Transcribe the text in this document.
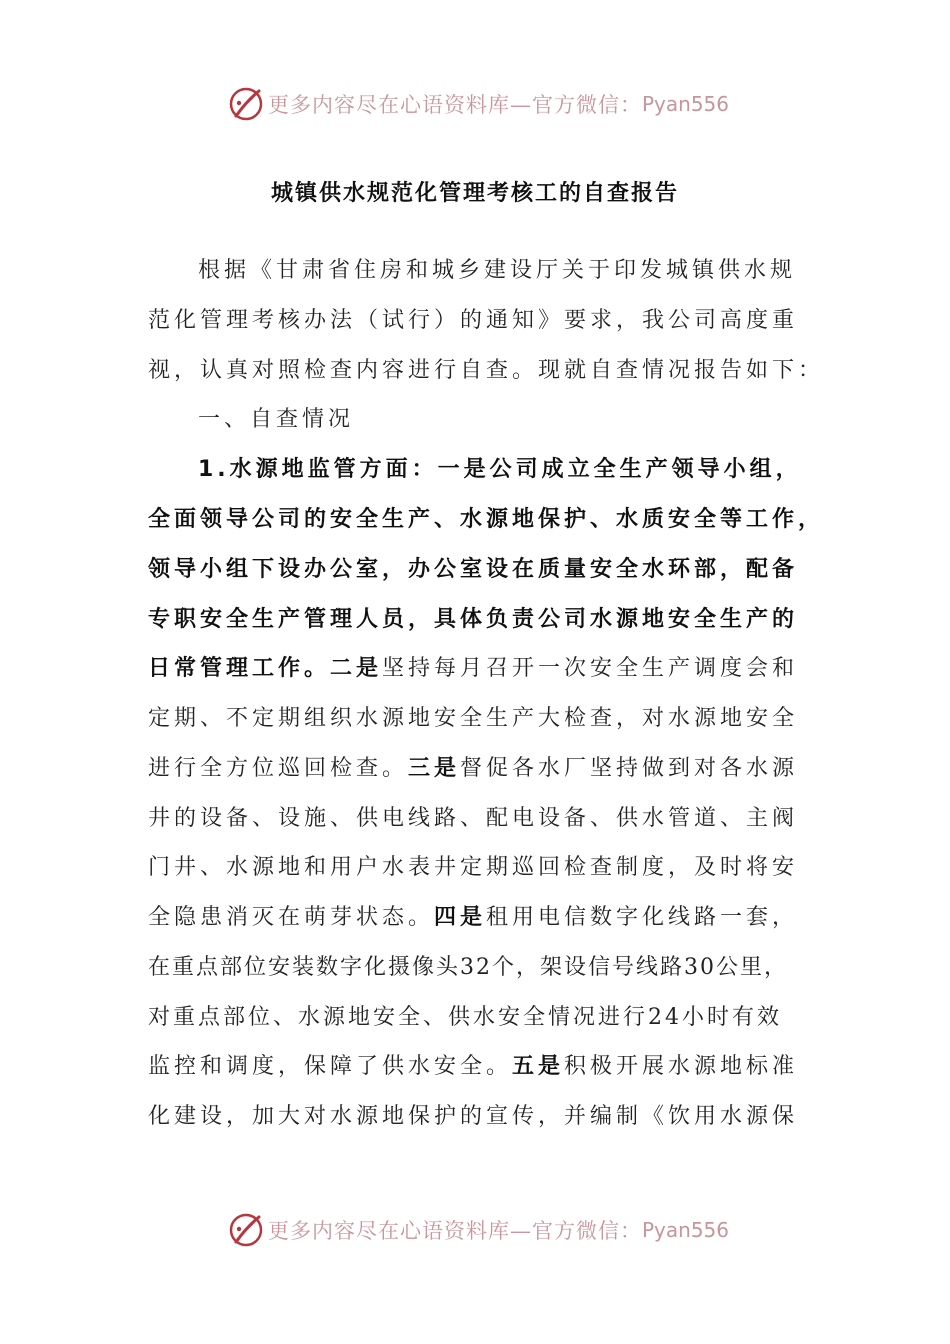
更多内容尽在心语资料库—官方微信： Pyan556
城镇供水规范化管理考核工的自查报告
根据《甘肃省住房和城乡建设厅关于印发城镇供水规
范化管理考核办法（试行）的通知》要求，我公司高度重
视，认真对照检查内容进行自查。现就自查情况报告如下：
一、自查情况
1.水源地监管方面：一是公司成立全生产领导小组，
全面领导公司的安全生产、水源地保护、水质安全等工作，
领导小组下设办公室，办公室设在质量安全水环部，配备
专职安全生产管理人员，具体负责公司水源地安全生产的
日常管理工作。二是坚持每月召开一次安全生产调度会和
定期、不定期组织水源地安全生产大检查，对水源地安全
进行全方位巡回检查。三是督促各水厂坚持做到对各水源
井的设备、设施、供电线路、配电设备、供水管道、主阀
门井、水源地和用户水表井定期巡回检查制度，及时将安
全隐患消灭在萌芽状态。四是租用电信数字化线路一套，
在重点部位安装数字化摄像头32个，架设信号线路30公里，
对重点部位、水源地安全、供水安全情况进行24小时有效
监控和调度，保障了供水安全。五是积极开展水源地标准
化建设，加大对水源地保护的宣传，并编制《饮用水源保
更多内容尽在心语资料库—官方微信： Pyan556
